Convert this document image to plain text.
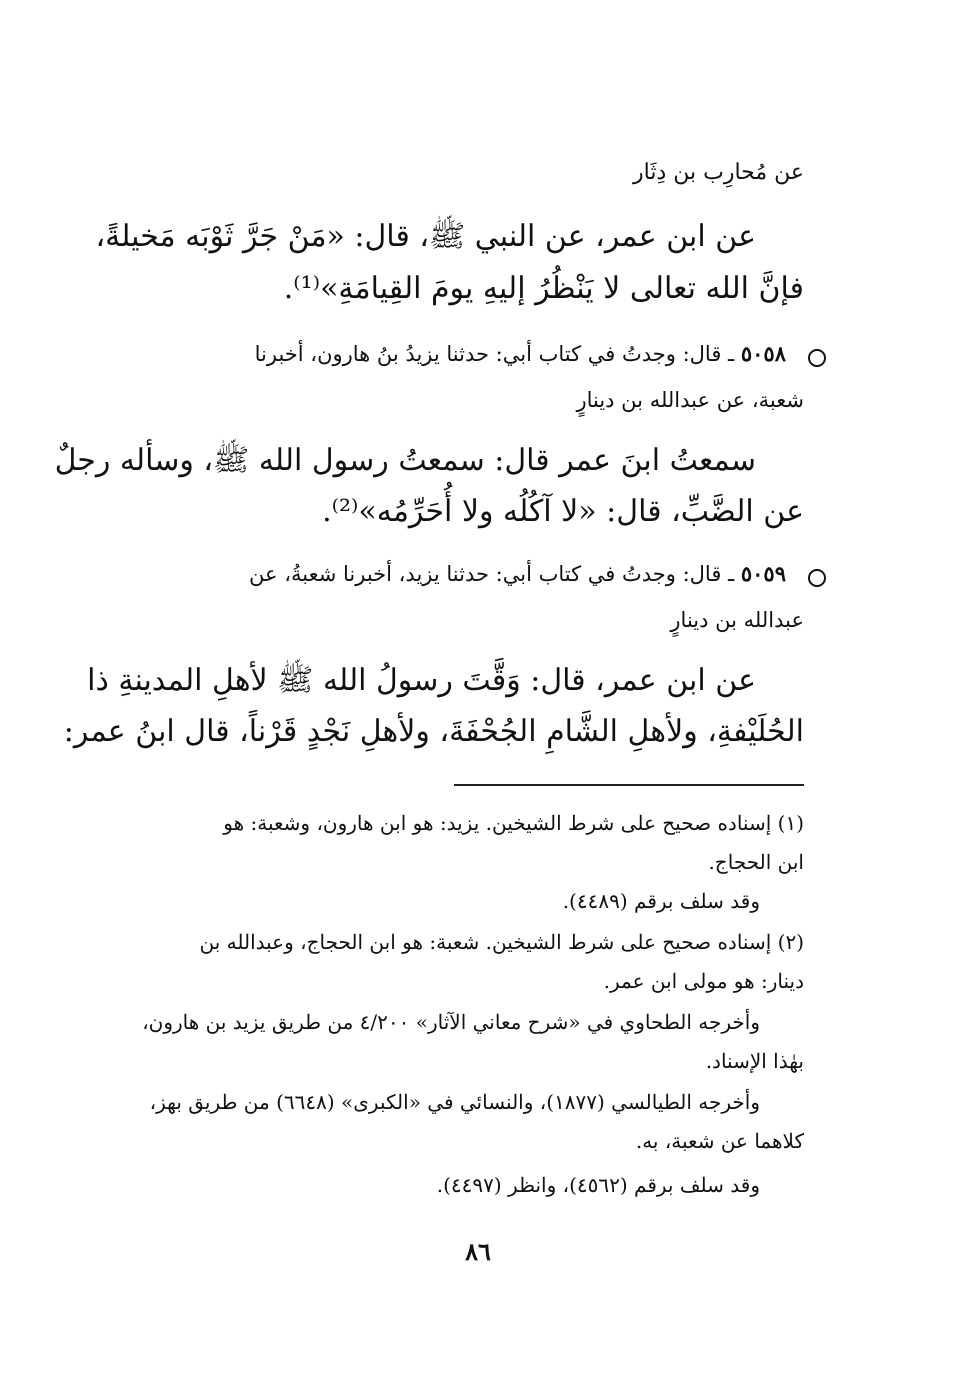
عن مُحارِب بن دِثَار
عن ابن عمر، عن النبي ﷺ، قال: «مَنْ جَرَّ ثَوْبَه مَخيلةً،
فإنَّ الله تعالى لا يَنْظُرُ إليهِ يومَ القِيامَةِ»⁽¹⁾.
٥٠٥٨ ـ قال: وجدتُ في كتاب أبي: حدثنا يزيدُ بنُ هارون، أخبرنا
شعبة، عن عبدالله بن دينارٍ
سمعتُ ابنَ عمر قال: سمعتُ رسول الله ﷺ، وسأله رجلٌ
عن الضَّبِّ، قال: «لا آكُلُه ولا أُحَرِّمُه»⁽²⁾.
٥٠٥٩ ـ قال: وجدتُ في كتاب أبي: حدثنا يزيد، أخبرنا شعبةُ، عن
عبدالله بن دينارٍ
عن ابن عمر، قال: وَقَّتَ رسولُ الله ﷺ لأهلِ المدينةِ ذا
الحُلَيْفةِ، ولأهلِ الشَّامِ الجُحْفَةَ، ولأهلِ نَجْدٍ قَرْناً، قال ابنُ عمر:
(١) إسناده صحيح على شرط الشيخين. يزيد: هو ابن هارون، وشعبة: هو
ابن الحجاج.
وقد سلف برقم (٤٤٨٩).
(٢) إسناده صحيح على شرط الشيخين. شعبة: هو ابن الحجاج، وعبدالله بن
دينار: هو مولى ابن عمر.
وأخرجه الطحاوي في «شرح معاني الآثار» ٤/٢٠٠ من طريق يزيد بن هارون،
بهٰذا الإسناد.
وأخرجه الطيالسي (١٨٧٧)، والنسائي في «الكبرى» (٦٦٤٨) من طريق بهز،
كلاهما عن شعبة، به.
وقد سلف برقم (٤٥٦٢)، وانظر (٤٤٩٧).
٨٦
